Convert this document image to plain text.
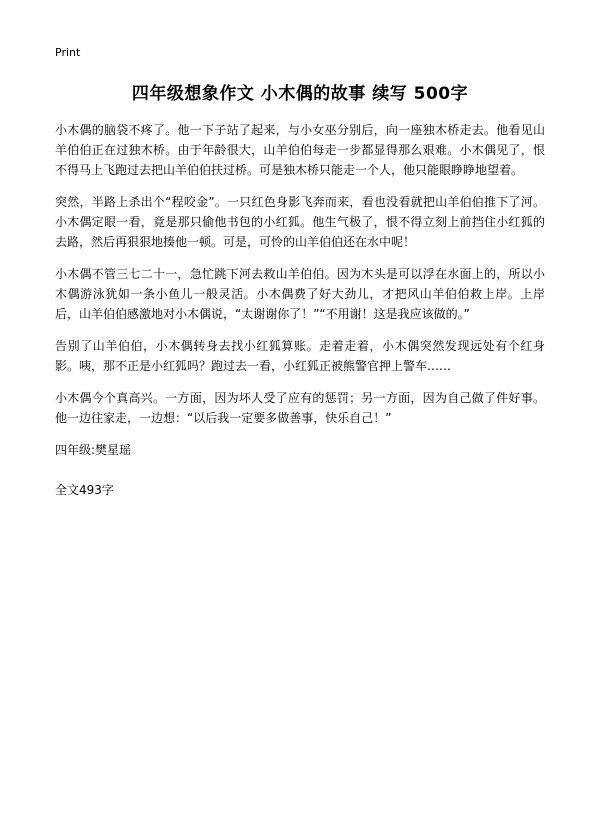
Print
四年级想象作文 小木偶的故事 续写 500字

小木偶的脑袋不疼了。他一下子站了起来，与小女巫分别后，向一座独木桥走去。他看见山羊伯伯正在过独木桥。由于年龄很大，山羊伯伯每走一步都显得那么艰难。小木偶见了，恨不得马上飞跑过去把山羊伯伯扶过桥。可是独木桥只能走一个人，他只能眼睁睁地望着。

突然，半路上杀出个“程咬金”。一只红色身影飞奔而来，看也没看就把山羊伯伯推下了河。小木偶定眼一看，竟是那只偷他书包的小红狐。他生气极了，恨不得立刻上前挡住小红狐的去路，然后再狠狠地揍他一顿。可是，可怜的山羊伯伯还在水中呢！

小木偶不管三七二十一，急忙跳下河去救山羊伯伯。因为木头是可以浮在水面上的，所以小木偶游泳犹如一条小鱼儿一般灵活。小木偶费了好大劲儿，才把风山羊伯伯救上岸。上岸后，山羊伯伯感激地对小木偶说，“太谢谢你了！”“不用谢！这是我应该做的。”

告别了山羊伯伯，小木偶转身去找小红狐算账。走着走着，小木偶突然发现远处有个红身影。咦，那不正是小红狐吗？跑过去一看，小红狐正被熊警官押上警车……

小木偶今个真高兴。一方面，因为坏人受了应有的惩罚；另一方面，因为自己做了件好事。他一边往家走，一边想：“以后我一定要多做善事，快乐自己！”

四年级:樊星瑶

全文493字
